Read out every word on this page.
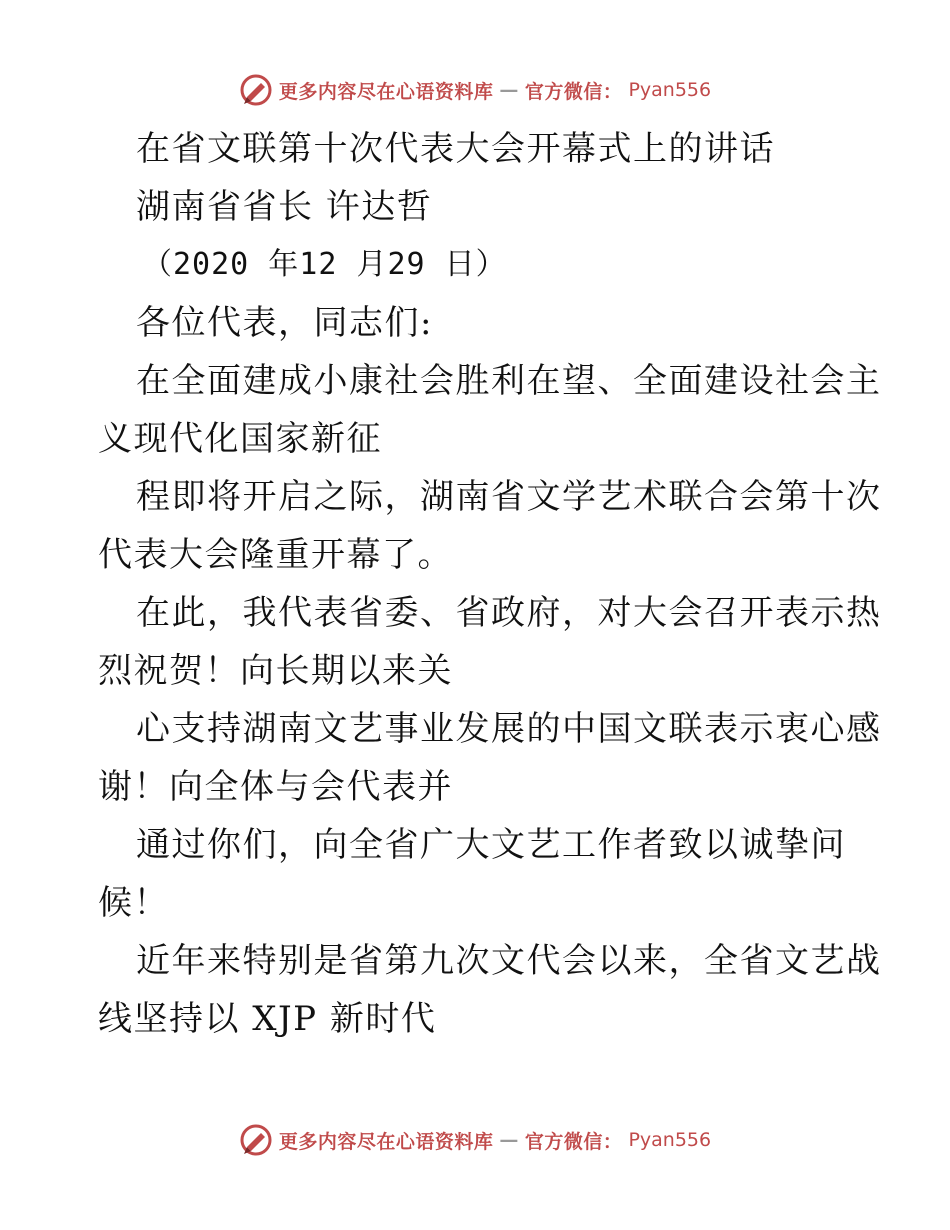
更多内容尽在心语资料库 — 官方微信： Pyan556
在省文联第十次代表大会开幕式上的讲话
湖南省省长 许达哲
（2020 年12 月29 日）
各位代表，同志们:
在全面建成小康社会胜利在望、全面建设社会主
义现代化国家新征
程即将开启之际，湖南省文学艺术联合会第十次
代表大会隆重开幕了。
在此，我代表省委、省政府，对大会召开表示热
烈祝贺！向长期以来关
心支持湖南文艺事业发展的中国文联表示衷心感
谢！向全体与会代表并
通过你们，向全省广大文艺工作者致以诚挚问
候！
近年来特别是省第九次文代会以来，全省文艺战
线坚持以 XJP 新时代
更多内容尽在心语资料库 — 官方微信： Pyan556
